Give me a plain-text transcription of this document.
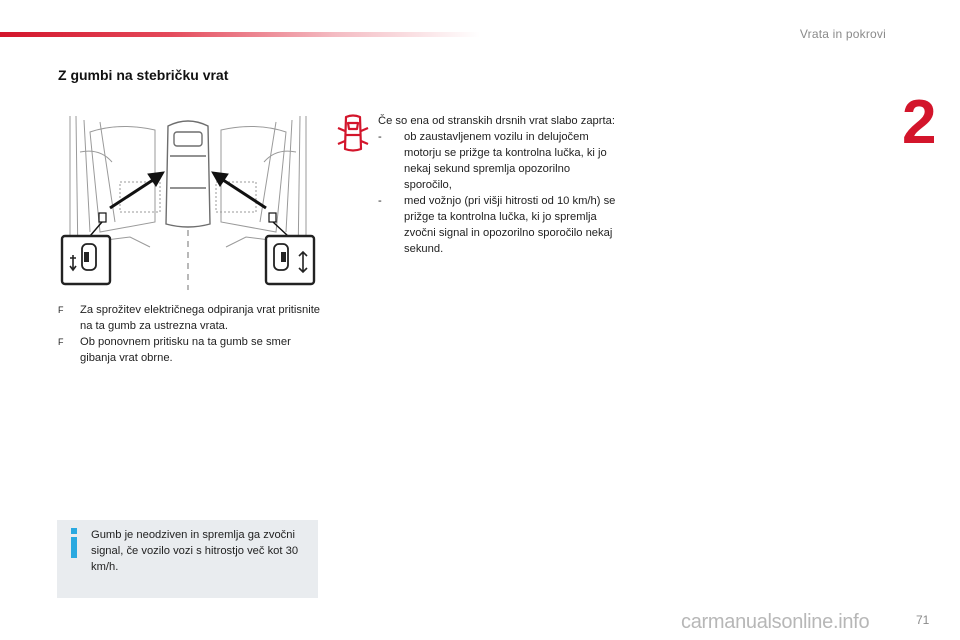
Vrata in pokrovi
2
Z gumbi na stebričku vrat
F Za sprožitev električnega odpiranja vrat pritisnite na ta gumb za ustrezna vrata.
F Ob ponovnem pritisku na ta gumb se smer gibanja vrat obrne.
Če so ena od stranskih drsnih vrat slabo zaprta:
- ob zaustavljenem vozilu in delujočem motorju se prižge ta kontrolna lučka, ki jo nekaj sekund spremlja opozorilno sporočilo,
- med vožnjo (pri višji hitrosti od 10 km/h) se prižge ta kontrolna lučka, ki jo spremlja zvočni signal in opozorilno sporočilo nekaj sekund.
Gumb je neodziven in spremlja ga zvočni signal, če vozilo vozi s hitrostjo več kot 30 km/h.
71
carmanualsonline.info
